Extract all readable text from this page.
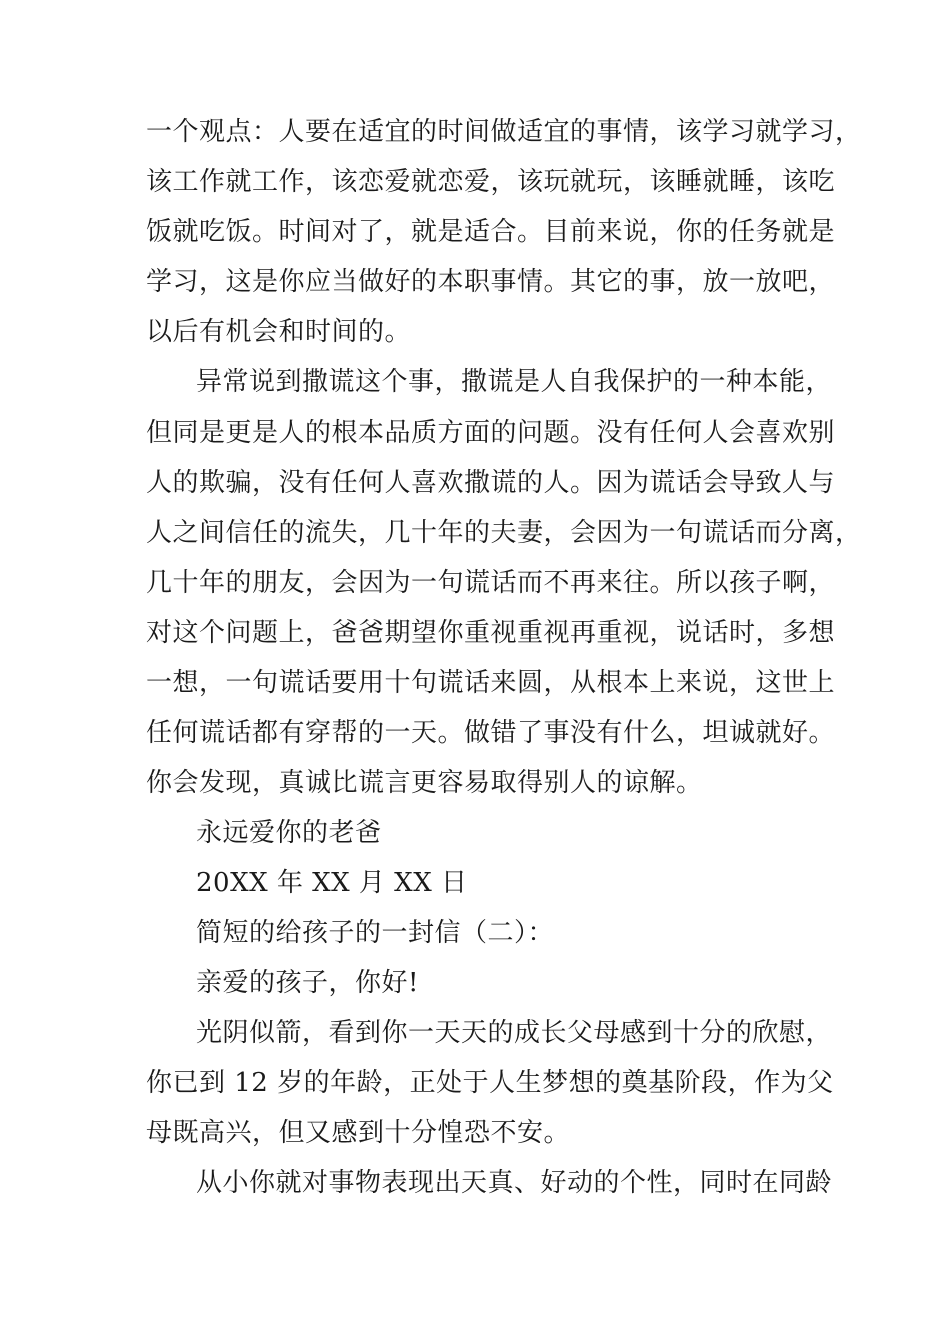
一个观点：人要在适宜的时间做适宜的事情，该学习就学习，
该工作就工作，该恋爱就恋爱，该玩就玩，该睡就睡，该吃
饭就吃饭。时间对了，就是适合。目前来说，你的任务就是
学习，这是你应当做好的本职事情。其它的事，放一放吧，
以后有机会和时间的。
异常说到撒谎这个事，撒谎是人自我保护的一种本能，
但同是更是人的根本品质方面的问题。没有任何人会喜欢别
人的欺骗，没有任何人喜欢撒谎的人。因为谎话会导致人与
人之间信任的流失，几十年的夫妻，会因为一句谎话而分离，
几十年的朋友，会因为一句谎话而不再来往。所以孩子啊，
对这个问题上，爸爸期望你重视重视再重视，说话时，多想
一想，一句谎话要用十句谎话来圆，从根本上来说，这世上
任何谎话都有穿帮的一天。做错了事没有什么，坦诚就好。
你会发现，真诚比谎言更容易取得别人的谅解。
永远爱你的老爸
20XX 年 XX 月 XX 日
简短的给孩子的一封信（二）：
亲爱的孩子，你好!
光阴似箭，看到你一天天的成长父母感到十分的欣慰，
你已到 12 岁的年龄，正处于人生梦想的奠基阶段，作为父
母既高兴，但又感到十分惶恐不安。
从小你就对事物表现出天真、好动的个性，同时在同龄
